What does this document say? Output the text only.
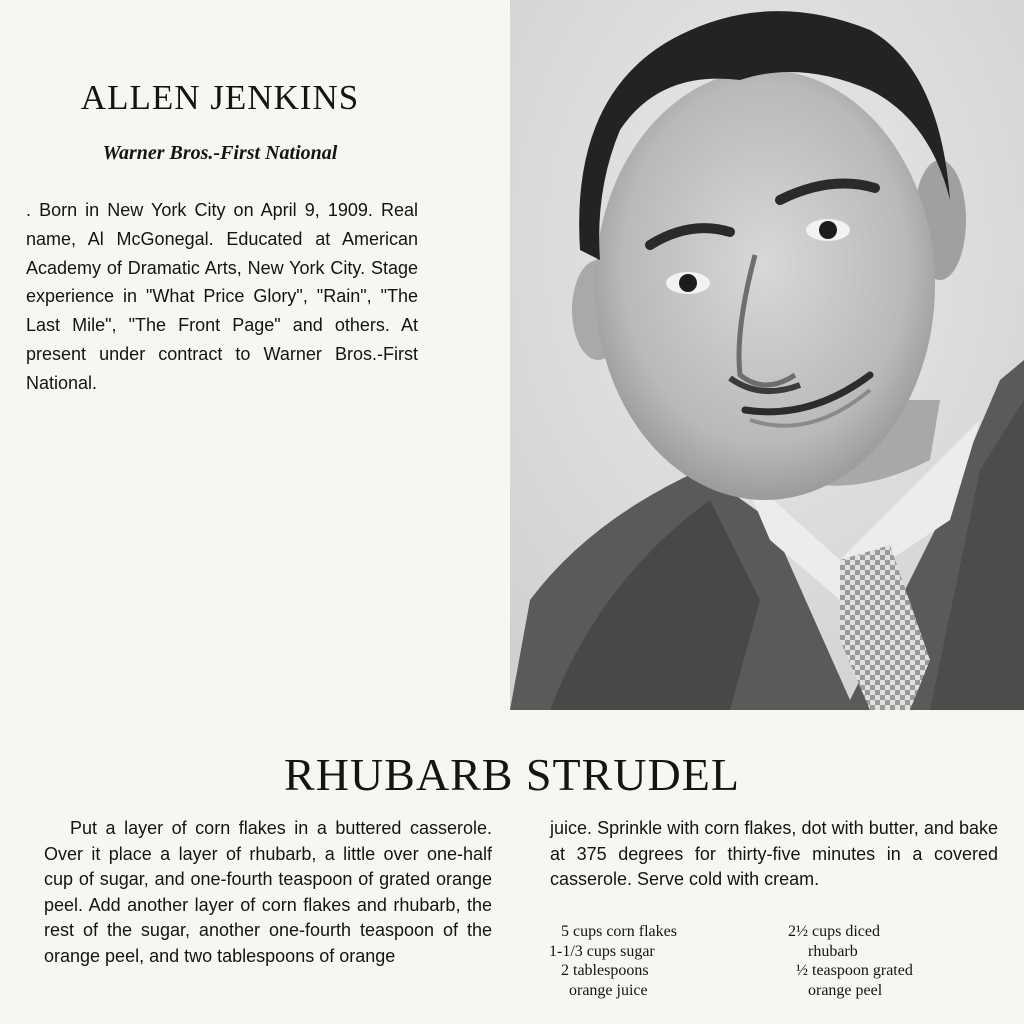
ALLEN JENKINS
Warner Bros.-First National

. Born in New York City on April 9, 1909. Real name, Al McGonegal. Educated at American Academy of Dramatic Arts, New York City. Stage experience in "What Price Glory", "Rain", "The Last Mile", "The Front Page" and others. At present under contract to Warner Bros.-First National.

RHUBARB STRUDEL

Put a layer of corn flakes in a buttered casserole. Over it place a layer of rhubarb, a little over one-half cup of sugar, and one-fourth teaspoon of grated orange peel. Add another layer of corn flakes and rhubarb, the rest of the sugar, another one-fourth teaspoon of the orange peel, and two tablespoons of orange

juice. Sprinkle with corn flakes, dot with butter, and bake at 375 degrees for thirty-five minutes in a covered casserole. Serve cold with cream.

5 cups corn flakes
1-1/3 cups sugar
2 tablespoons
orange juice
2½ cups diced
rhubarb
½ teaspoon grated
orange peel
